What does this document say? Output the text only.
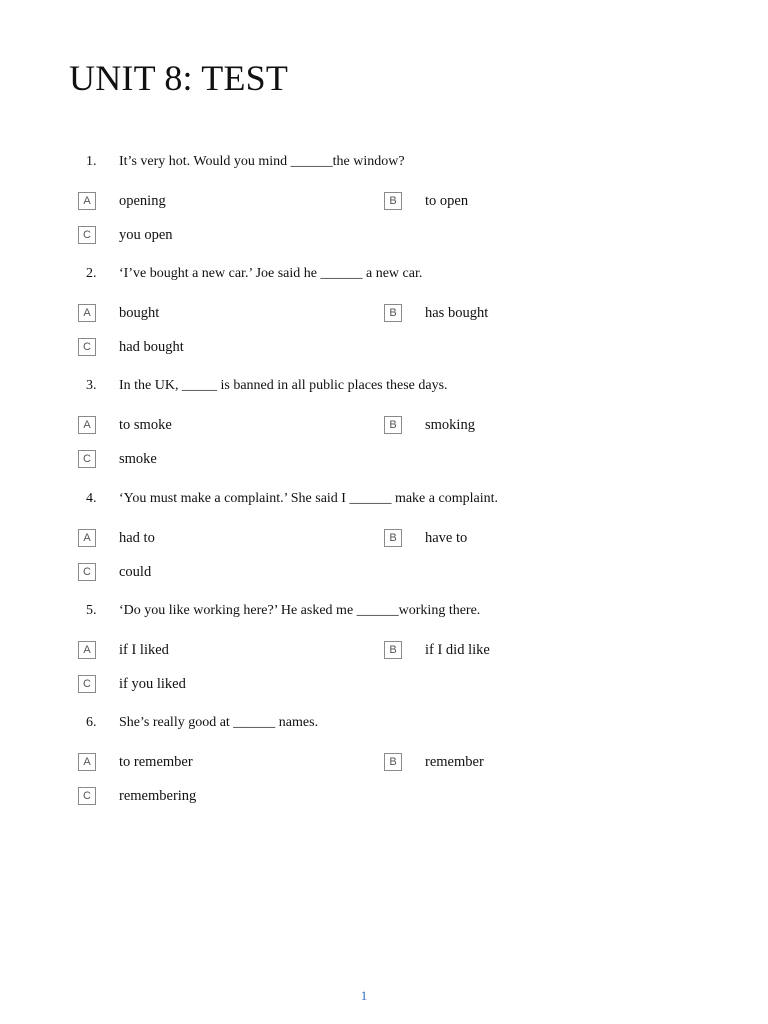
UNIT 8: TEST
1.	It’s very hot. Would you mind ______the window?
A	opening	B	to open
C	you open
2.	‘I’ve bought a new car.’ Joe said he ______ a new car.
A	bought	B	has bought
C	had bought
3.	In the UK, _____ is banned in all public places these days.
A	to smoke	B	smoking
C	smoke
4.	‘You must make a complaint.’ She said I ______ make a complaint.
A	had to	B	have to
C	could
5.	‘Do you like working here?’ He asked me ______working there.
A	if I liked	B	if I did like
C	if you liked
6.	She’s really good at ______ names.
A	to remember	B	remember
C	remembering
1
